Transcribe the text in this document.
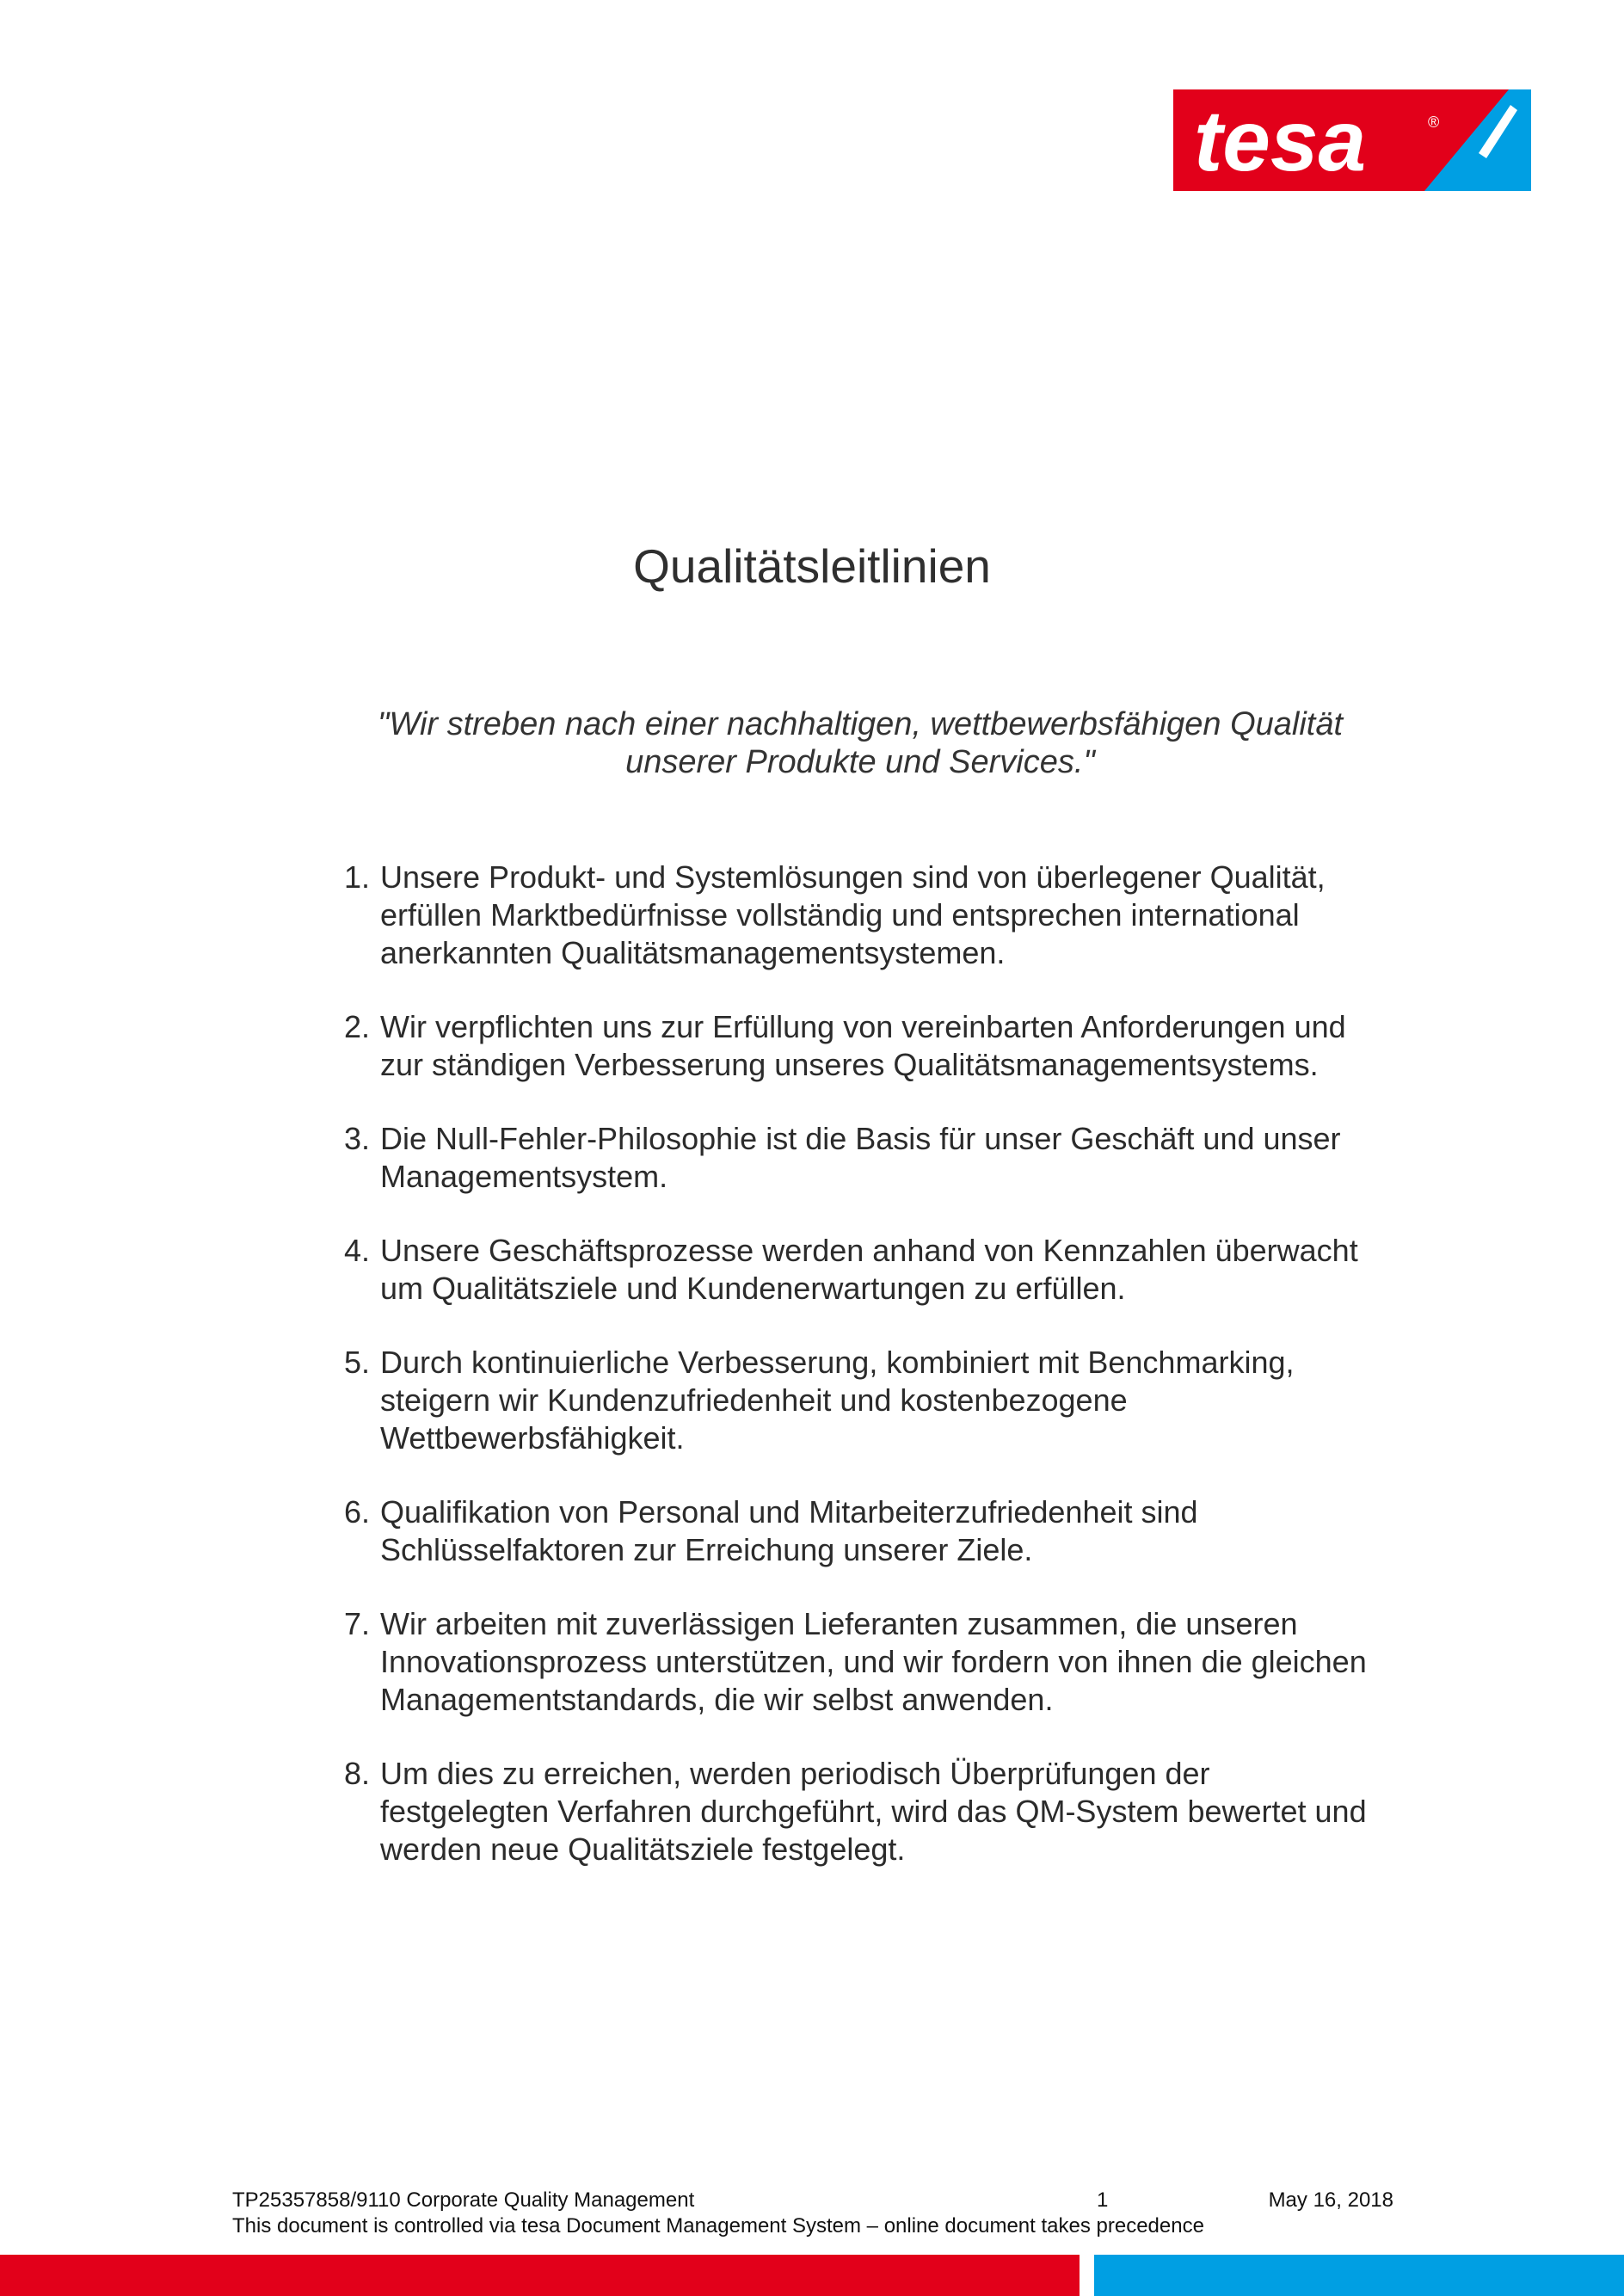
tesa	®
Qualitätsleitlinien

"Wir streben nach einer nachhaltigen, wettbewerbsfähigen Qualität unserer Produkte und Services."

1. Unsere Produkt- und Systemlösungen sind von überlegener Qualität, erfüllen Marktbedürfnisse vollständig und entsprechen international anerkannten Qualitätsmanagementsystemen.
2. Wir verpflichten uns zur Erfüllung von vereinbarten Anforderungen und zur ständigen Verbesserung unseres Qualitätsmanagementsystems.
3. Die Null-Fehler-Philosophie ist die Basis für unser Geschäft und unser Managementsystem.
4. Unsere Geschäftsprozesse werden anhand von Kennzahlen überwacht um Qualitätsziele und Kundenerwartungen zu erfüllen.
5. Durch kontinuierliche Verbesserung, kombiniert mit Benchmarking, steigern wir Kundenzufriedenheit und kostenbezogene Wettbewerbsfähigkeit.
6. Qualifikation von Personal und Mitarbeiterzufriedenheit sind Schlüsselfaktoren zur Erreichung unserer Ziele.
7. Wir arbeiten mit zuverlässigen Lieferanten zusammen, die unseren Innovationsprozess unterstützen, und wir fordern von ihnen die gleichen Managementstandards, die wir selbst anwenden.
8. Um dies zu erreichen, werden periodisch Überprüfungen der festgelegten Verfahren durchgeführt, wird das QM-System bewertet und werden neue Qualitätsziele festgelegt.
TP25357858/9110 Corporate Quality Management	1	May 16, 2018
This document is controlled via tesa Document Management System – online document takes precedence
